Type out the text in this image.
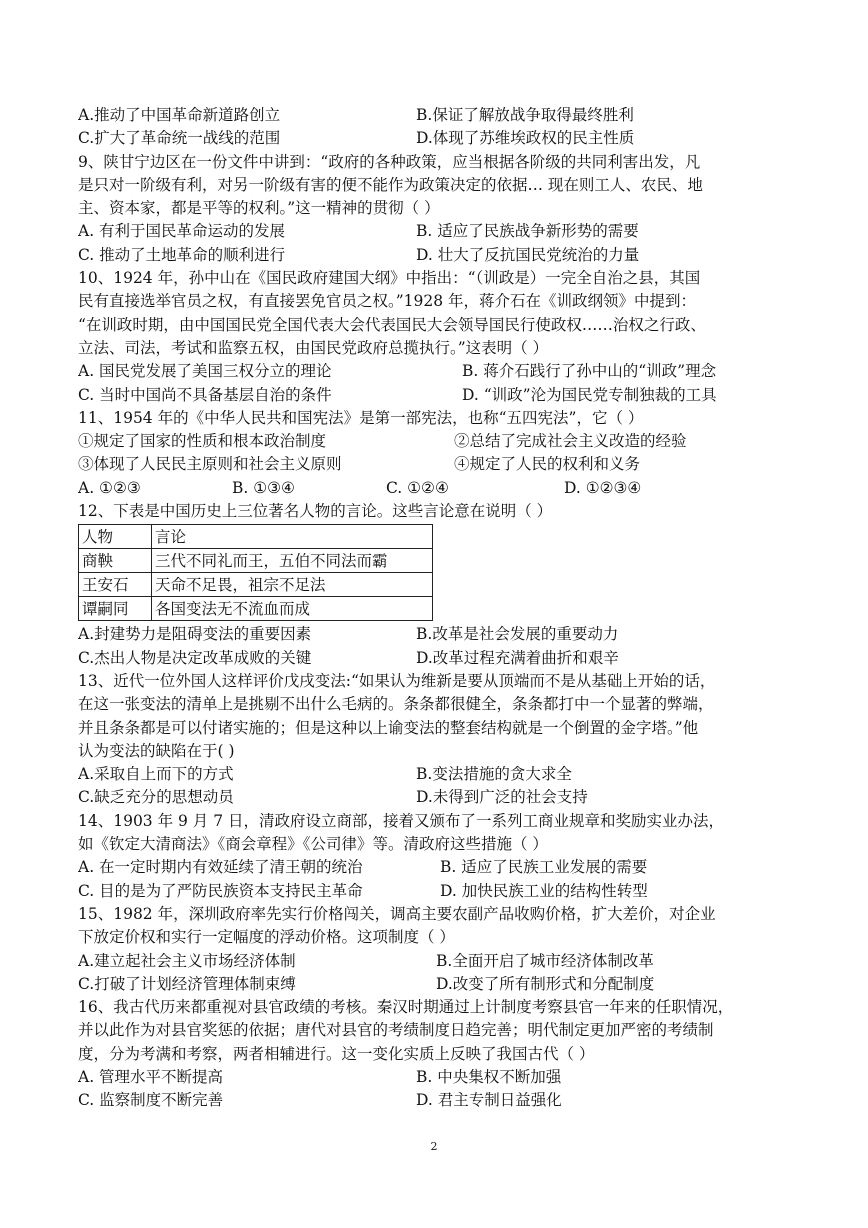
A.推动了中国革命新道路创立	B.保证了解放战争取得最终胜利
C.扩大了革命统一战线的范围	D.体现了苏维埃政权的民主性质
9、陕甘宁边区在一份文件中讲到：“政府的各种政策，应当根据各阶级的共同利害出发，凡
是只对一阶级有利，对另一阶级有害的便不能作为政策决定的依据… 现在则工人、农民、地
主、资本家，都是平等的权利。”这一精神的贯彻（ ）
A. 有利于国民革命运动的发展	B. 适应了民族战争新形势的需要
C. 推动了土地革命的顺利进行	D. 壮大了反抗国民党统治的力量
10、1924 年，孙中山在《国民政府建国大纲》中指出：“（训政是）一完全自治之县，其国
民有直接选举官员之权，有直接罢免官员之权。”1928 年，蒋介石在《训政纲领》中提到：
“在训政时期，由中国国民党全国代表大会代表国民大会领导国民行使政权……治权之行政、
立法、司法，考试和监察五权，由国民党政府总揽执行。”这表明（ ）
A. 国民党发展了美国三权分立的理论	B. 蒋介石践行了孙中山的“训政”理念
C. 当时中国尚不具备基层自治的条件	D. “训政”沦为国民党专制独裁的工具
11、1954 年的《中华人民共和国宪法》是第一部宪法，也称“五四宪法”，它（ ）
①规定了国家的性质和根本政治制度	②总结了完成社会主义改造的经验
③体现了人民民主原则和社会主义原则	④规定了人民的权利和义务
A. ①②③	B. ①③④	C. ①②④	D. ①②③④
12、下表是中国历史上三位著名人物的言论。这些言论意在说明（ ）
人物	言论
商鞅	三代不同礼而王，五伯不同法而霸
王安石	天命不足畏，祖宗不足法
谭嗣同	各国变法无不流血而成
A.封建势力是阻碍变法的重要因素	B.改革是社会发展的重要动力
C.杰出人物是决定改革成败的关键	D.改革过程充满着曲折和艰辛
13、近代一位外国人这样评价戊戌变法:“如果认为维新是要从顶端而不是从基础上开始的话，
在这一张变法的清单上是挑剔不出什么毛病的。条条都很健全，条条都打中一个显著的弊端，
并且条条都是可以付诸实施的；但是这种以上谕变法的整套结构就是一个倒置的金字塔。”他
认为变法的缺陷在于( )
A.采取自上而下的方式	B.变法措施的贪大求全
C.缺乏充分的思想动员	D.未得到广泛的社会支持
14、1903 年 9 月 7 日，清政府设立商部，接着又颁布了一系列工商业规章和奖励实业办法，
如《钦定大清商法》《商会章程》《公司律》等。清政府这些措施（ ）
A. 在一定时期内有效延续了清王朝的统治	B. 适应了民族工业发展的需要
C. 目的是为了严防民族资本支持民主革命	D. 加快民族工业的结构性转型
15、1982 年，深圳政府率先实行价格闯关，调高主要农副产品收购价格，扩大差价，对企业
下放定价权和实行一定幅度的浮动价格。这项制度（ ）
A.建立起社会主义市场经济体制	B.全面开启了城市经济体制改革
C.打破了计划经济管理体制束缚	D.改变了所有制形式和分配制度
16、我古代历来都重视对县官政绩的考核。秦汉时期通过上计制度考察县官一年来的任职情况，
并以此作为对县官奖惩的依据；唐代对县官的考绩制度日趋完善；明代制定更加严密的考绩制
度，分为考满和考察，两者相辅进行。这一变化实质上反映了我国古代（ ）
A. 管理水平不断提高	B. 中央集权不断加强
C. 监察制度不断完善	D. 君主专制日益强化
2
